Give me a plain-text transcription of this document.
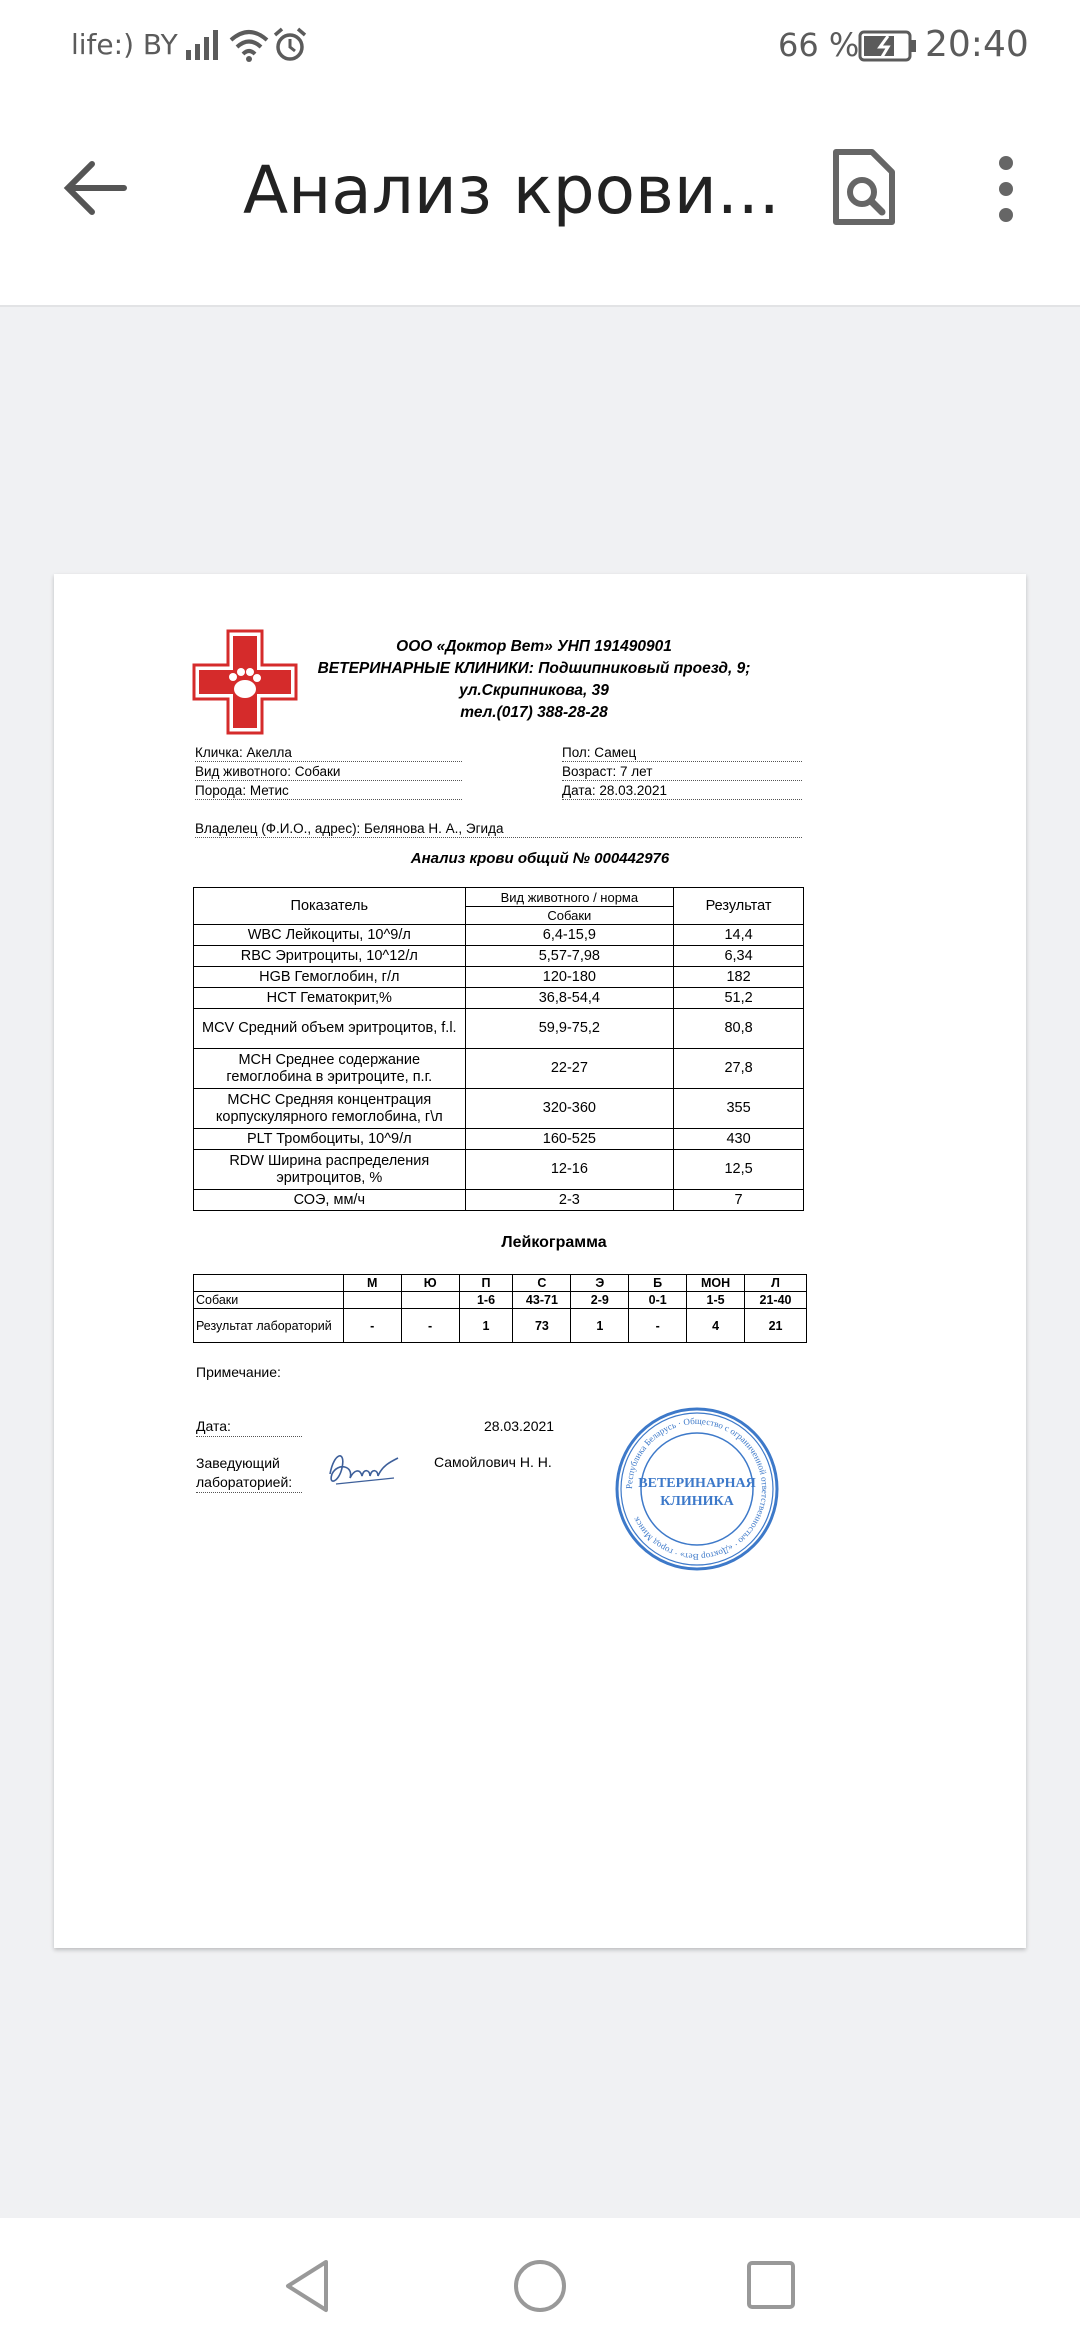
life:) BY	66 % 20:40
Анализ крови...
ООО «Доктор Вет» УНП 191490901
ВЕТЕРИНАРНЫЕ КЛИНИКИ: Подшипниковый проезд, 9;
ул.Скрипникова, 39
тел.(017) 388-28-28
Кличка: Акелла
Вид животного: Собаки
Порода: Метис
Пол: Самец
Возраст: 7 лет
Дата: 28.03.2021
Владелец (Ф.И.О., адрес): Белянова Н. А., Эгида
Анализ крови общий № 000442976
Показатель	Вид животного / норма	Результат
	Собаки	
WBC Лейкоциты, 10^9/л	6,4-15,9	14,4
RBC Эритроциты, 10^12/л	5,57-7,98	6,34
HGB Гемоглобин, г/л	120-180	182
HCT Гематокрит,%	36,8-54,4	51,2
MCV Средний объем эритроцитов, f.l.	59,9-75,2	80,8
MCH Среднее содержание гемоглобина в эритроците, п.г.	22-27	27,8
MCHC Средняя концентрация корпускулярного гемоглобина, г\л	320-360	355
PLT Тромбоциты, 10^9/л	160-525	430
RDW Ширина распределения эритроцитов, %	12-16	12,5
СОЭ, мм/ч	2-3	7
Лейкограмма
	М	Ю	П	С	Э	Б	МОН	Л
Собаки			1-6	43-71	2-9	0-1	1-5	21-40
Результат лабораторий	-	-	1	73	1	-	4	21
Примечание:
Дата:	28.03.2021
Заведующий лабораторией:
Самойлович Н. Н.
Республика Беларусь · Общество с ограниченной ответственностью · «Доктор Вет» · город Минск
ВЕТЕРИНАРНАЯ
КЛИНИКА
